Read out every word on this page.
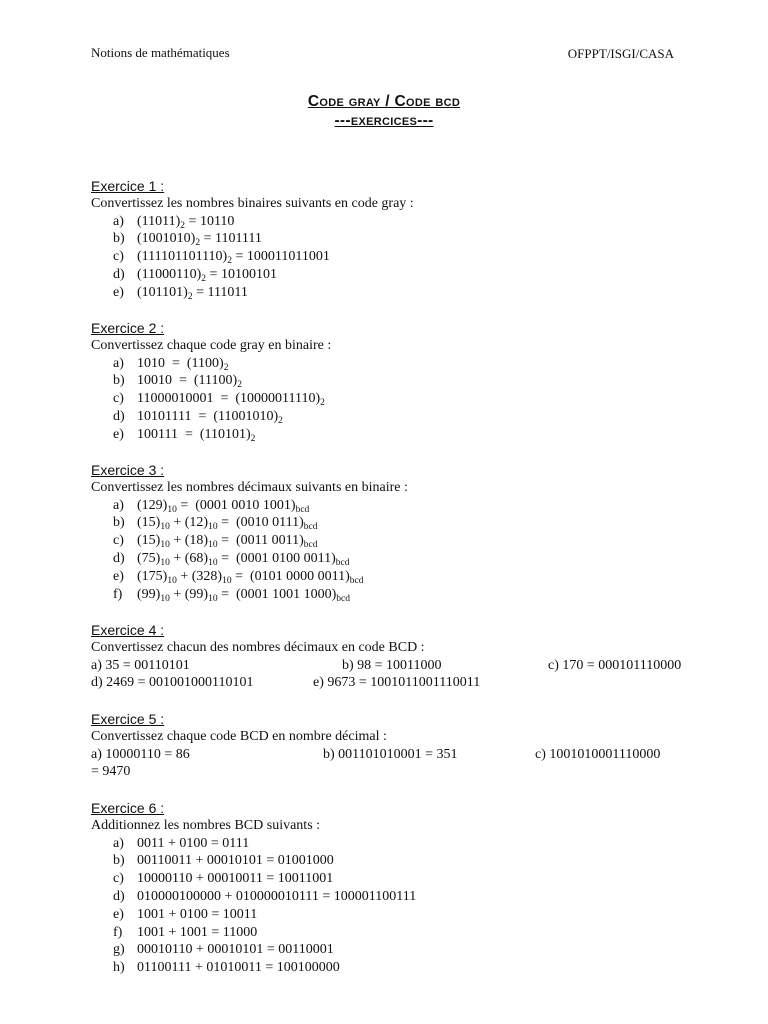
Notions de mathématiques	OFPPT/ISGI/CASA
Code gray / Code bcd
---exercices---
Exercice 1 :
Convertissez les nombres binaires suivants en code gray :
a) $(11011)_2 = 10110$
b) $(1001010)_2 = 1101111$
c) $(111101101110)_2 = 100011011001$
d) $(11000110)_2 = 10100101$
e) $(101101)_2 = 111011$
Exercice 2 :
Convertissez chaque code gray en binaire :
a) $1010 = (1100)_2$
b) $10010 = (11100)_2$
c) $11000010001 = (10000011110)_2$
d) $10101111 = (11001010)_2$
e) $100111 = (110101)_2$
Exercice 3 :
Convertissez les nombres décimaux suivants en binaire :
a) $(129)_{10} = (0001$ 0010 $1001)_{bcd}$
b) $(15)_{10} + (12)_{10} = (0010$ $0111)_{bcd}$
c) $(15)_{10} + (18)_{10} = (0011$ $0011)_{bcd}$
d) $(75)_{10} + (68)_{10} = (0001$ 0100 $0011)_{bcd}$
e) $(175)_{10} + (328)_{10} = (0101$ 0000 $0011)_{bcd}$
f) $(99)_{10} + (99)_{10} = (0001$ 1001 $1000)_{bcd}$
Exercice 4 :
Convertissez chacun des nombres décimaux en code BCD :
a) 35 = 00110101	b) 98 = 10011000	c) 170 = 000101110000
d) 2469 = 001001000110101	e) 9673 = 1001011001110011
Exercice 5 :
Convertissez chaque code BCD en nombre décimal :
a) 10000110 = 86	b) 001101010001 = 351	c) 1001010001110000
= 9470
Exercice 6 :
Additionnez les nombres BCD suivants :
a) 0011 + 0100 = 0111
b) 00110011 + 00010101 = 01001000
c) 10000110 + 00010011 = 10011001
d) 010000100000 + 010000010111 = 100001100111
e) 1001 + 0100 = 10011
f) 1001 + 1001 = 11000
g) 00010110 + 00010101 = 00110001
h) 01100111 + 01010011 = 100100000
